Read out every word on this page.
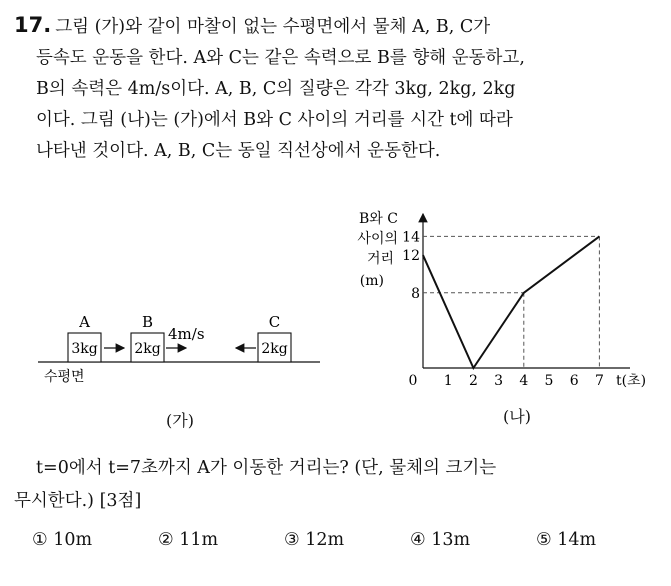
17. 그림 (가)와 같이 마찰이 없는 수평면에서 물체 A, B, C가
등속도 운동을 한다. A와 C는 같은 속력으로 B를 향해 운동하고,
B의 속력은 4m/s이다. A, B, C의 질량은 각각 3kg, 2kg, 2kg
이다. 그림 (나)는 (가)에서 B와 C 사이의 거리를 시간 t에 따라
나타낸 것이다. A, B, C는 동일 직선상에서 운동한다.
수평면
A
3kg
B
2kg
4m/s
C
2kg
B와 C
사이의
거리
(m)
0 1 2 3 4 5 6 7
8
12
14
t(초)
(가)	(나)
t=0에서 t=7초까지 A가 이동한 거리는? (단, 물체의 크기는
무시한다.) [3점]
① 10m	② 11m	③ 12m	④ 13m	⑤ 14m
